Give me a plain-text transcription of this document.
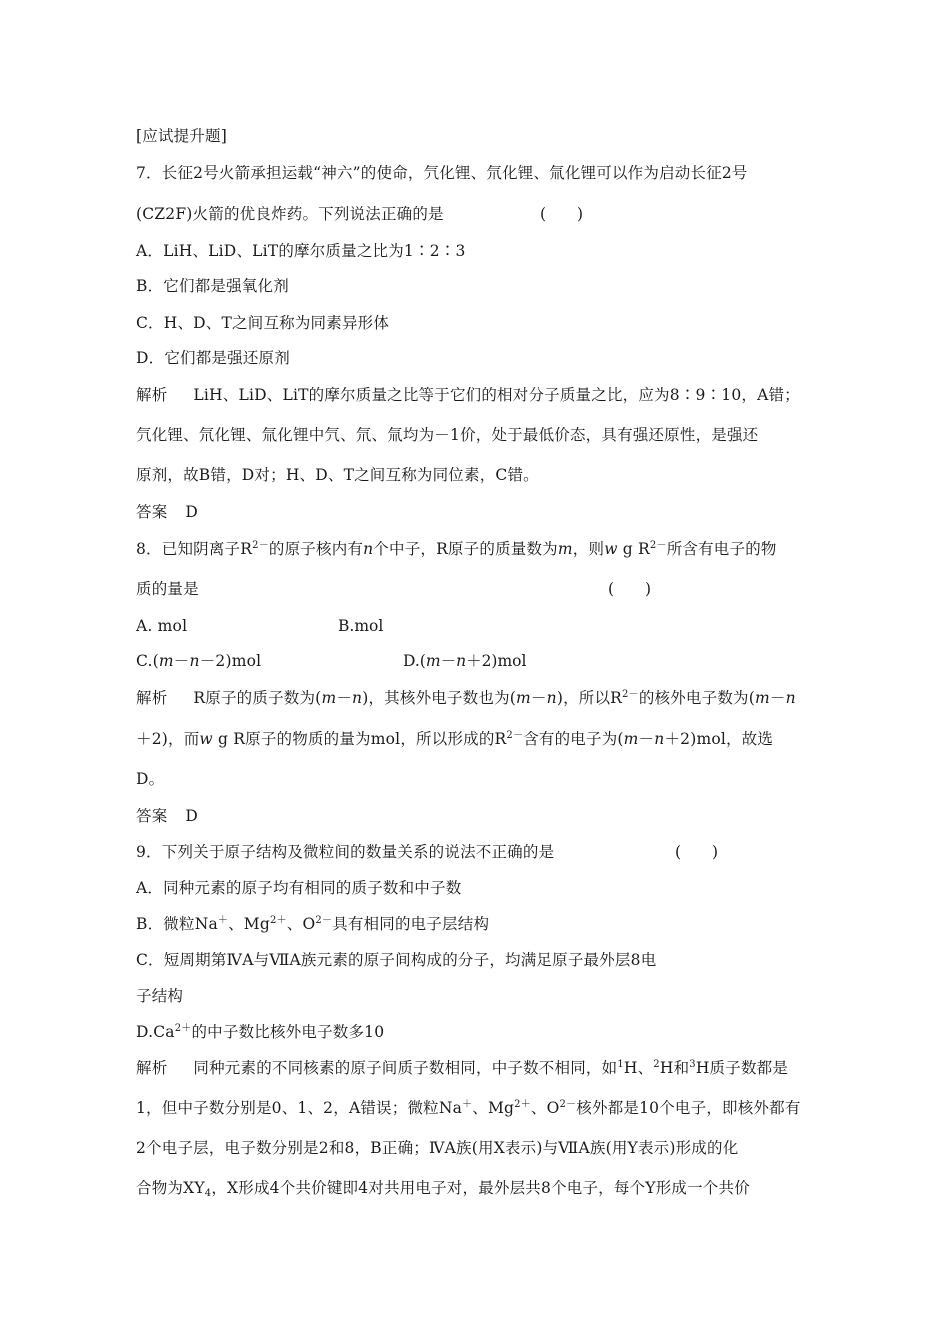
[应试提升题]
7．长征2号火箭承担运载“神六”的使命，氕化锂、氘化锂、氚化锂可以作为启动长征2号
(CZ2F)火箭的优良炸药。下列说法正确的是	(　　)
A．LiH、LiD、LiT的摩尔质量之比为1∶2∶3
B．它们都是强氧化剂
C．H、D、T之间互称为同素异形体
D．它们都是强还原剂
解析 LiH、LiD、LiT的摩尔质量之比等于它们的相对分子质量之比，应为8∶9∶10，A错；
氕化锂、氘化锂、氚化锂中氕、氘、氚均为－1价，处于最低价态，具有强还原性，是强还
原剂，故B错，D对；H、D、T之间互称为同位素，C错。
答案 D
8．已知阴离子$R^{2-}$的原子核内有n个中子，R原子的质量数为m，则w g $R^{2-}$所含有电子的物
质的量是	(　　)
A. mol	B.mol
C.(m－n－2)mol	D.(m－n＋2)mol
解析 R原子的质子数为(m－n)，其核外电子数也为(m－n)，所以$R^{2-}$的核外电子数为(m－n
＋2)，而w g R原子的物质的量为mol，所以形成的$R^{2-}$含有的电子为(m－n＋2)mol，故选
D。
答案 D
9．下列关于原子结构及微粒间的数量关系的说法不正确的是	(　　)
A．同种元素的原子均有相同的质子数和中子数
B．微粒Na＋、$Mg^{2+}$、$O^{2-}$具有相同的电子层结构
C．短周期第ⅣA与ⅦA族元素的原子间构成的分子，均满足原子最外层8电
子结构
$D.Ca^{2+}$的中子数比核外电子数多10
解析 同种元素的不同核素的原子间质子数相同，中子数不相同，如$^1$H、$^2$H和$^3$H质子数都是
1，但中子数分别是0、1、2，A错误；微粒Na＋、$Mg^{2+}$、$O^{2-}$核外都是10个电子，即核外都有
2个电子层，电子数分别是2和8，B正确；ⅣA族(用X表示)与ⅦA族(用Y表示)形成的化
合物为$XY_4$，X形成4个共价键即4对共用电子对，最外层共8个电子，每个Y形成一个共价
